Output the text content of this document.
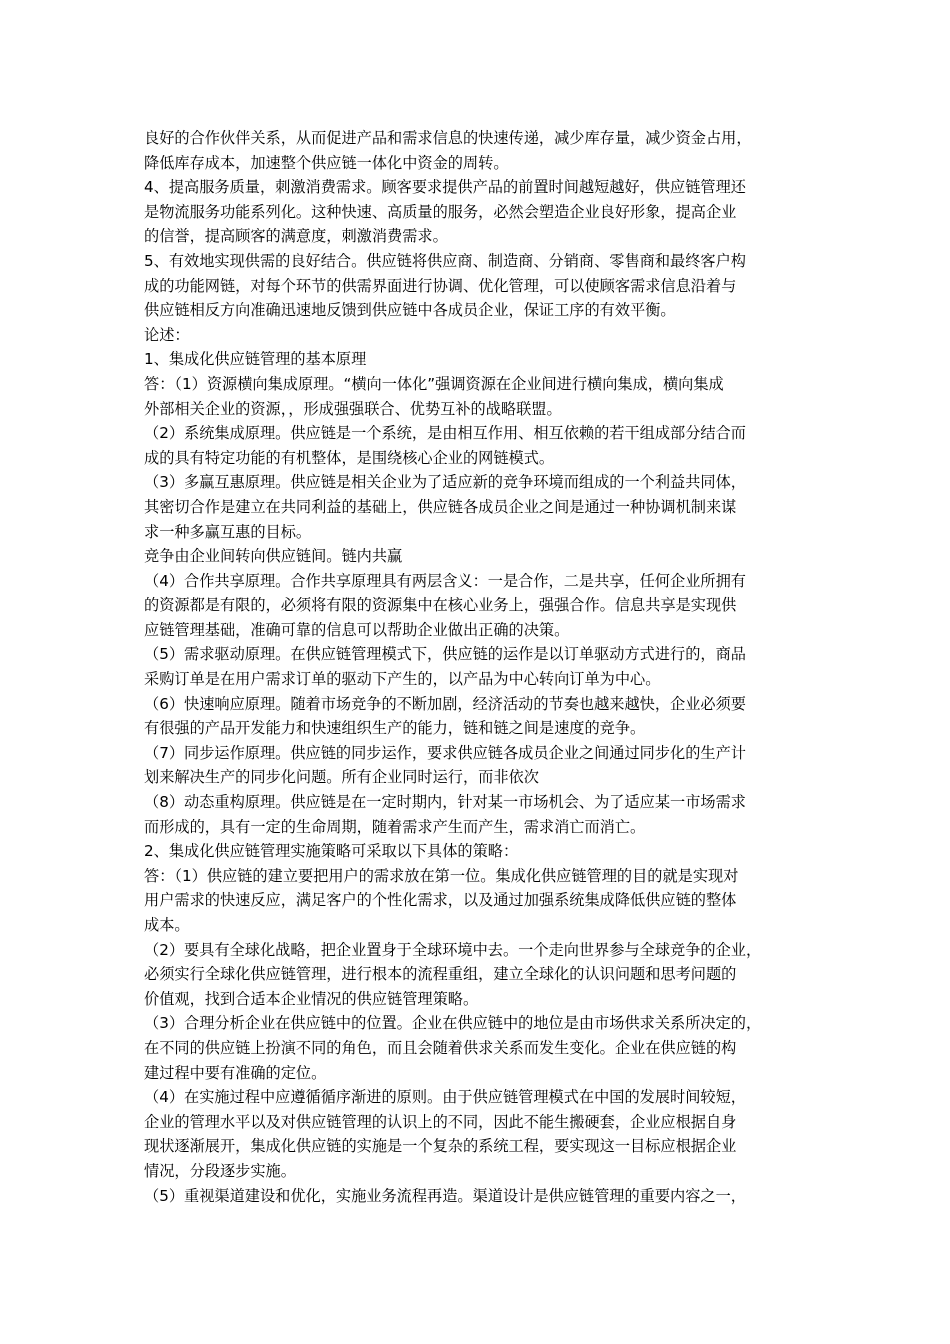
良好的合作伙伴关系，从而促进产品和需求信息的快速传递，减少库存量，减少资金占用，
降低库存成本，加速整个供应链一体化中资金的周转。
4、提高服务质量，刺激消费需求。顾客要求提供产品的前置时间越短越好，供应链管理还
是物流服务功能系列化。这种快速、高质量的服务，必然会塑造企业良好形象，提高企业
的信誉，提高顾客的满意度，刺激消费需求。
5、有效地实现供需的良好结合。供应链将供应商、制造商、分销商、零售商和最终客户构
成的功能网链，对每个环节的供需界面进行协调、优化管理，可以使顾客需求信息沿着与
供应链相反方向准确迅速地反馈到供应链中各成员企业，保证工序的有效平衡。
论述：
1、集成化供应链管理的基本原理
答：（1）资源横向集成原理。“横向一体化”强调资源在企业间进行横向集成，横向集成
外部相关企业的资源，，形成强强联合、优势互补的战略联盟。
（2）系统集成原理。供应链是一个系统，是由相互作用、相互依赖的若干组成部分结合而
成的具有特定功能的有机整体，是围绕核心企业的网链模式。
（3）多赢互惠原理。供应链是相关企业为了适应新的竞争环境而组成的一个利益共同体，
其密切合作是建立在共同利益的基础上，供应链各成员企业之间是通过一种协调机制来谋
求一种多赢互惠的目标。
竞争由企业间转向供应链间。链内共赢
（4）合作共享原理。合作共享原理具有两层含义：一是合作，二是共享，任何企业所拥有
的资源都是有限的，必须将有限的资源集中在核心业务上，强强合作。信息共享是实现供
应链管理基础，准确可靠的信息可以帮助企业做出正确的决策。
（5）需求驱动原理。在供应链管理模式下，供应链的运作是以订单驱动方式进行的，商品
采购订单是在用户需求订单的驱动下产生的，以产品为中心转向订单为中心。
（6）快速响应原理。随着市场竞争的不断加剧，经济活动的节奏也越来越快，企业必须要
有很强的产品开发能力和快速组织生产的能力，链和链之间是速度的竞争。
（7）同步运作原理。供应链的同步运作，要求供应链各成员企业之间通过同步化的生产计
划来解决生产的同步化问题。所有企业同时运行，而非依次
（8）动态重构原理。供应链是在一定时期内，针对某一市场机会、为了适应某一市场需求
而形成的，具有一定的生命周期，随着需求产生而产生，需求消亡而消亡。
2、集成化供应链管理实施策略可采取以下具体的策略：
答：（1）供应链的建立要把用户的需求放在第一位。集成化供应链管理的目的就是实现对
用户需求的快速反应，满足客户的个性化需求，以及通过加强系统集成降低供应链的整体
成本。
（2）要具有全球化战略，把企业置身于全球环境中去。一个走向世界参与全球竞争的企业，
必须实行全球化供应链管理，进行根本的流程重组，建立全球化的认识问题和思考问题的
价值观，找到合适本企业情况的供应链管理策略。
（3）合理分析企业在供应链中的位置。企业在供应链中的地位是由市场供求关系所决定的，
在不同的供应链上扮演不同的角色，而且会随着供求关系而发生变化。企业在供应链的构
建过程中要有准确的定位。
（4）在实施过程中应遵循循序渐进的原则。由于供应链管理模式在中国的发展时间较短，
企业的管理水平以及对供应链管理的认识上的不同，因此不能生搬硬套，企业应根据自身
现状逐渐展开，集成化供应链的实施是一个复杂的系统工程，要实现这一目标应根据企业
情况，分段逐步实施。
（5）重视渠道建设和优化，实施业务流程再造。渠道设计是供应链管理的重要内容之一，
